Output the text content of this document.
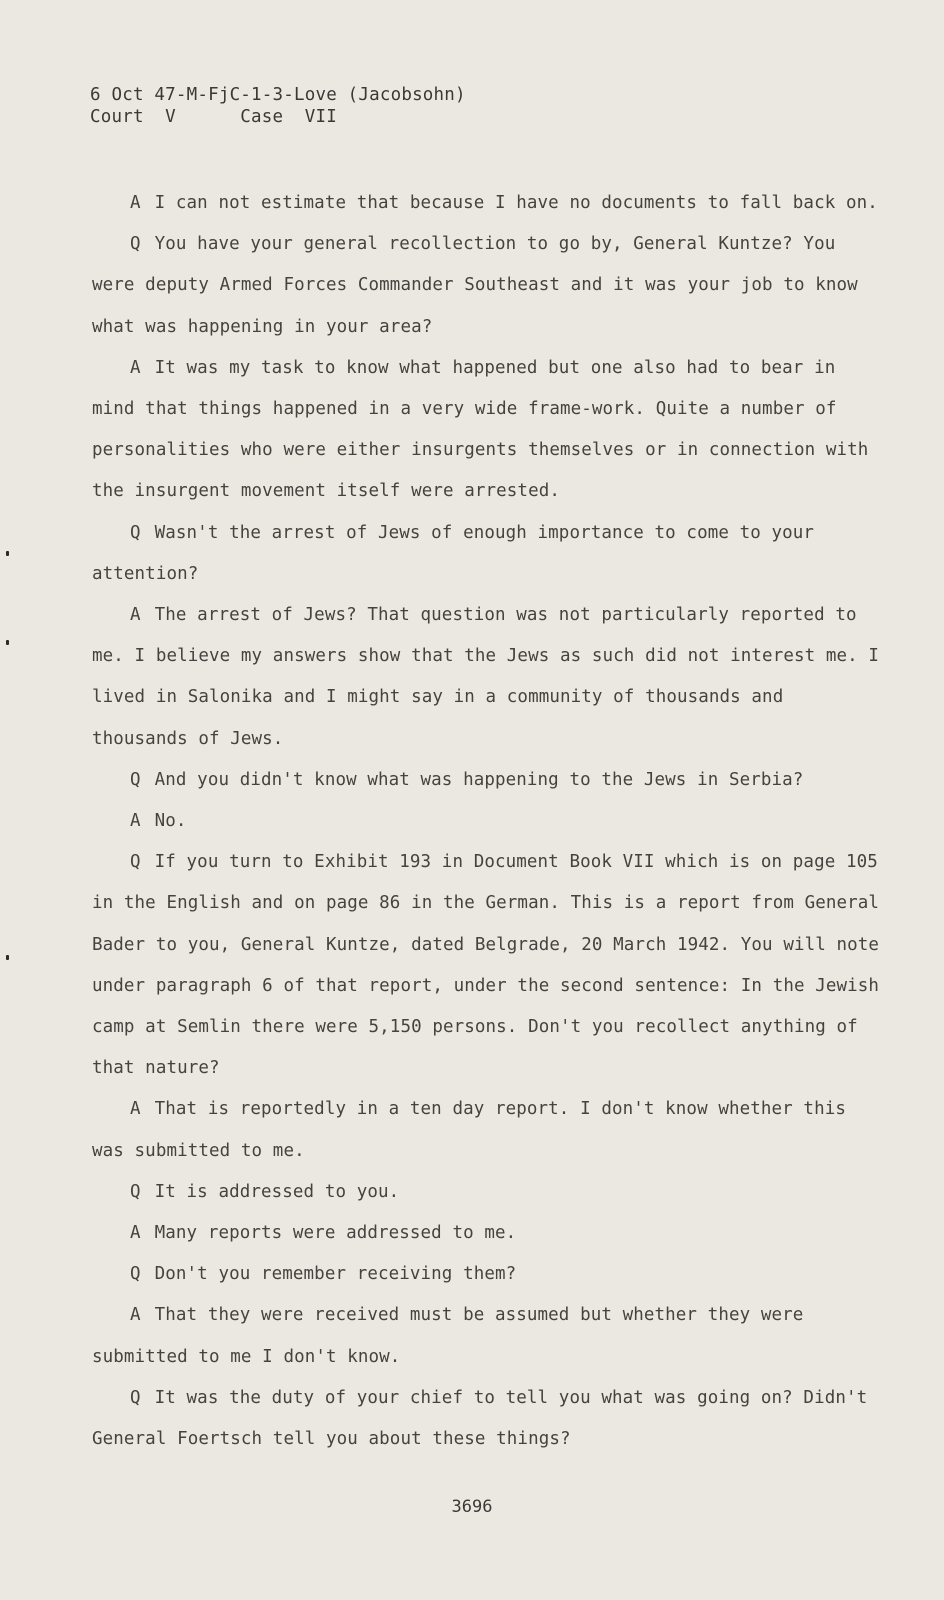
6 Oct 47-M-FjC-1-3-Love (Jacobsohn)
Court  V      Case  VII

A I can not estimate that because I have no documents to fall back on.

Q You have your general recollection to go by, General Kuntze? You were deputy Armed Forces Commander Southeast and it was your job to know what was happening in your area?

A It was my task to know what happened but one also had to bear in mind that things happened in a very wide frame-work. Quite a number of personalities who were either insurgents themselves or in connection with the insurgent movement itself were arrested.

Q Wasn't the arrest of Jews of enough importance to come to your attention?

A The arrest of Jews? That question was not particularly reported to me. I believe my answers show that the Jews as such did not interest me. I lived in Salonika and I might say in a community of thousands and thousands of Jews.

Q And you didn't know what was happening to the Jews in Serbia?

A No.

Q If you turn to Exhibit 193 in Document Book VII which is on page 105 in the English and on page 86 in the German. This is a report from General Bader to you, General Kuntze, dated Belgrade, 20 March 1942. You will note under paragraph 6 of that report, under the second sentence: In the Jewish camp at Semlin there were 5,150 persons. Don't you recollect anything of that nature?

A That is reportedly in a ten day report. I don't know whether this was submitted to me.

Q It is addressed to you.

A Many reports were addressed to me.

Q Don't you remember receiving them?

A That they were received must be assumed but whether they were submitted to me I don't know.

Q It was the duty of your chief to tell you what was going on? Didn't General Foertsch tell you about these things?

3696
